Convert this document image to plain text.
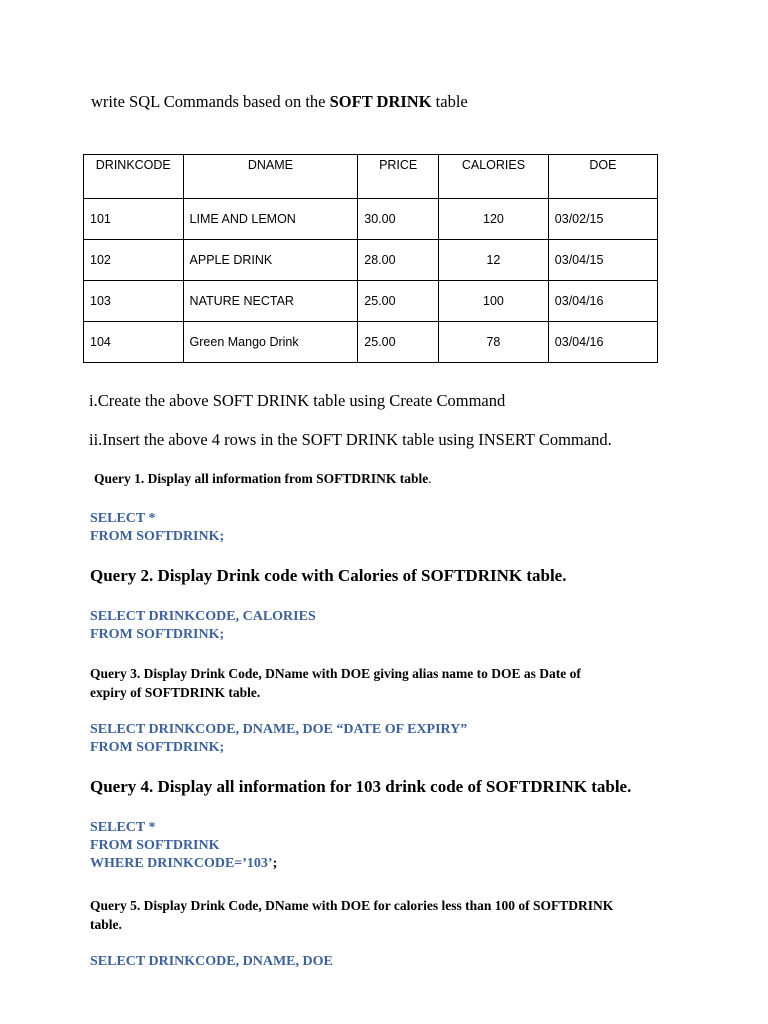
write SQL Commands based on the SOFT DRINK table
DRINKCODE	DNAME	PRICE	CALORIES	DOE
101	LIME AND LEMON	30.00	120	03/02/15
102	APPLE DRINK	28.00	12	03/04/15
103	NATURE NECTAR	25.00	100	03/04/16
104	Green Mango Drink	25.00	78	03/04/16
i.Create the above SOFT DRINK table using Create Command
ii.Insert the above 4 rows in the SOFT DRINK table using INSERT Command.
Query 1. Display all information from SOFTDRINK table.
SELECT *
FROM SOFTDRINK;
Query 2. Display Drink code with Calories of SOFTDRINK table.
SELECT DRINKCODE, CALORIES
FROM SOFTDRINK;
Query 3. Display Drink Code, DName with DOE giving alias name to DOE as Date of
expiry of SOFTDRINK table.
SELECT DRINKCODE, DNAME, DOE “DATE OF EXPIRY”
FROM SOFTDRINK;
Query 4. Display all information for 103 drink code of SOFTDRINK table.
SELECT *
FROM SOFTDRINK
WHERE DRINKCODE=’103’;
Query 5. Display Drink Code, DName with DOE for calories less than 100 of SOFTDRINK
table.
SELECT DRINKCODE, DNAME, DOE
